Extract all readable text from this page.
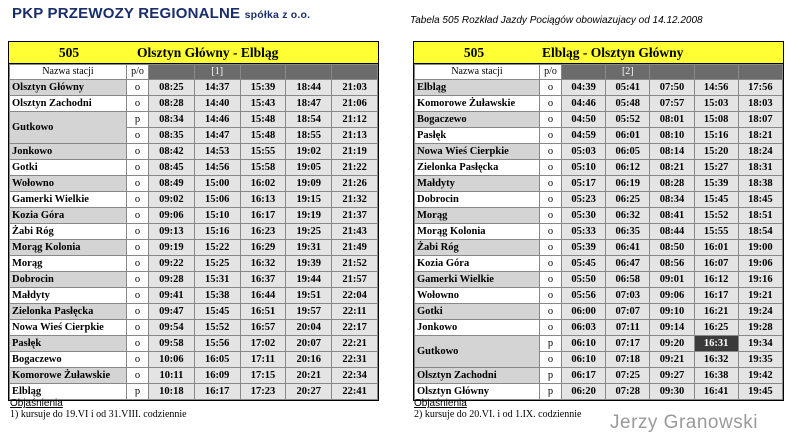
PKP PRZEWOZY REGIONALNE spółka z o.o.	Tabela 505 Rozkład Jazdy Pociągów obowiazujacy od 14.12.2008
505	Olsztyn Główny - Elbląg
Nazwa stacji	p/o		[1]			
Olsztyn Główny	o	08:25	14:37	15:39	18:44	21:03
Olsztyn Zachodni	o	08:28	14:40	15:43	18:47	21:06
Gutkowo	p	08:34	14:46	15:48	18:54	21:12
	o	08:35	14:47	15:48	18:55	21:13
Jonkowo	o	08:42	14:53	15:55	19:02	21:19
Gotki	o	08:45	14:56	15:58	19:05	21:22
Wołowno	o	08:49	15:00	16:02	19:09	21:26
Gamerki Wielkie	o	09:02	15:06	16:13	19:15	21:32
Kozia Góra	o	09:06	15:10	16:17	19:19	21:37
Żabi Róg	o	09:13	15:16	16:23	19:25	21:43
Morąg Kolonia	o	09:19	15:22	16:29	19:31	21:49
Morąg	o	09:22	15:25	16:32	19:39	21:52
Dobrocin	o	09:28	15:31	16:37	19:44	21:57
Małdyty	o	09:41	15:38	16:44	19:51	22:04
Zielonka Pasłęcka	o	09:47	15:45	16:51	19:57	22:11
Nowa Wieś Cierpkie	o	09:54	15:52	16:57	20:04	22:17
Pasłęk	o	09:58	15:56	17:02	20:07	22:21
Bogaczewo	o	10:06	16:05	17:11	20:16	22:31
Komorowe Żuławskie	o	10:11	16:09	17:15	20:21	22:34
Elbląg	p	10:18	16:17	17:23	20:27	22:41
505	Elbląg - Olsztyn Główny
Nazwa stacji	p/o		[2]			
Elbląg	o	04:39	05:41	07:50	14:56	17:56
Komorowe Żuławskie	o	04:46	05:48	07:57	15:03	18:03
Bogaczewo	o	04:50	05:52	08:01	15:08	18:07
Pasłęk	o	04:59	06:01	08:10	15:16	18:21
Nowa Wieś Cierpkie	o	05:03	06:05	08:14	15:20	18:24
Zielonka Pasłęcka	o	05:10	06:12	08:21	15:27	18:31
Małdyty	o	05:17	06:19	08:28	15:39	18:38
Dobrocin	o	05:23	06:25	08:34	15:45	18:45
Morąg	o	05:30	06:32	08:41	15:52	18:51
Morąg Kolonia	o	05:33	06:35	08:44	15:55	18:54
Żabi Róg	o	05:39	06:41	08:50	16:01	19:00
Kozia Góra	o	05:45	06:47	08:56	16:07	19:06
Gamerki Wielkie	o	05:50	06:58	09:01	16:12	19:16
Wołowno	o	05:56	07:03	09:06	16:17	19:21
Gotki	o	06:00	07:07	09:10	16:21	19:24
Jonkowo	o	06:03	07:11	09:14	16:25	19:28
Gutkowo	p	06:10	07:17	09:20	16:31	19:34
	o	06:10	07:18	09:21	16:32	19:35
Olsztyn Zachodni	p	06:17	07:25	09:27	16:38	19:42
Olsztyn Główny	p	06:20	07:28	09:30	16:41	19:45
Objaśnienia
1) kursuje do 19.VI i od 31.VIII. codziennie
Objaśnienia
2) kursuje do 20.VI. i od 1.IX. codziennie Jerzy Granowski
